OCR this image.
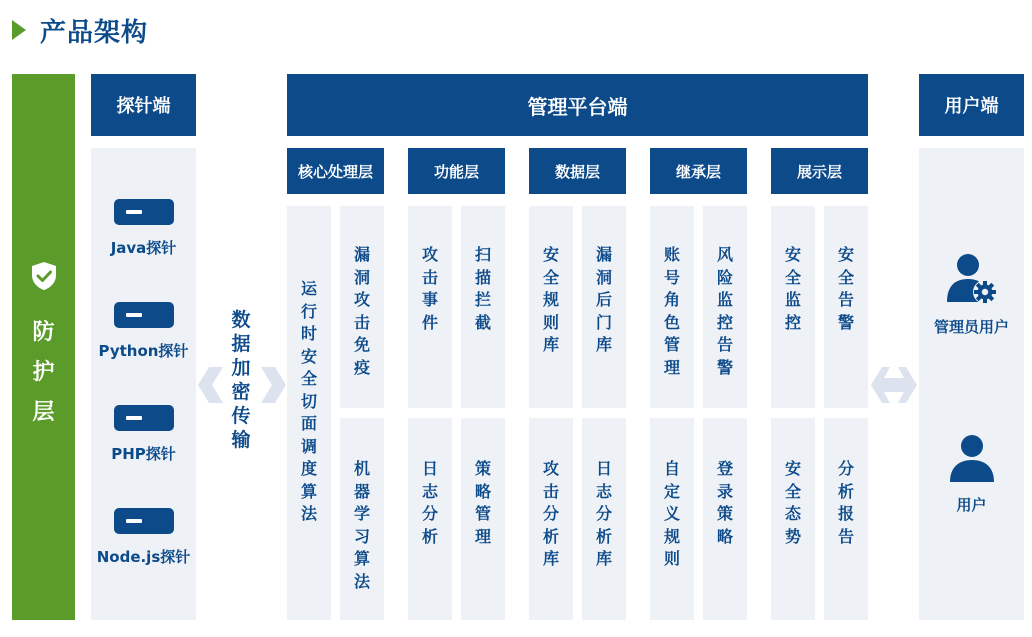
产品架构
防护层
探针端
Java探针
Python探针
PHP探针
Node.js探针
数据加密传输
管理平台端
核心处理层	功能层	数据层	继承层	展示层
运行时安全切面调度算法
漏洞攻击免疫
机器学习算法
攻击事件
扫描拦截
日志分析
策略管理
安全规则库
漏洞后门库
攻击分析库
日志分析库
账号角色管理
风险监控告警
自定义规则
登录策略
安全监控
安全告警
安全态势
分析报告
用户端
管理员用户
用户
